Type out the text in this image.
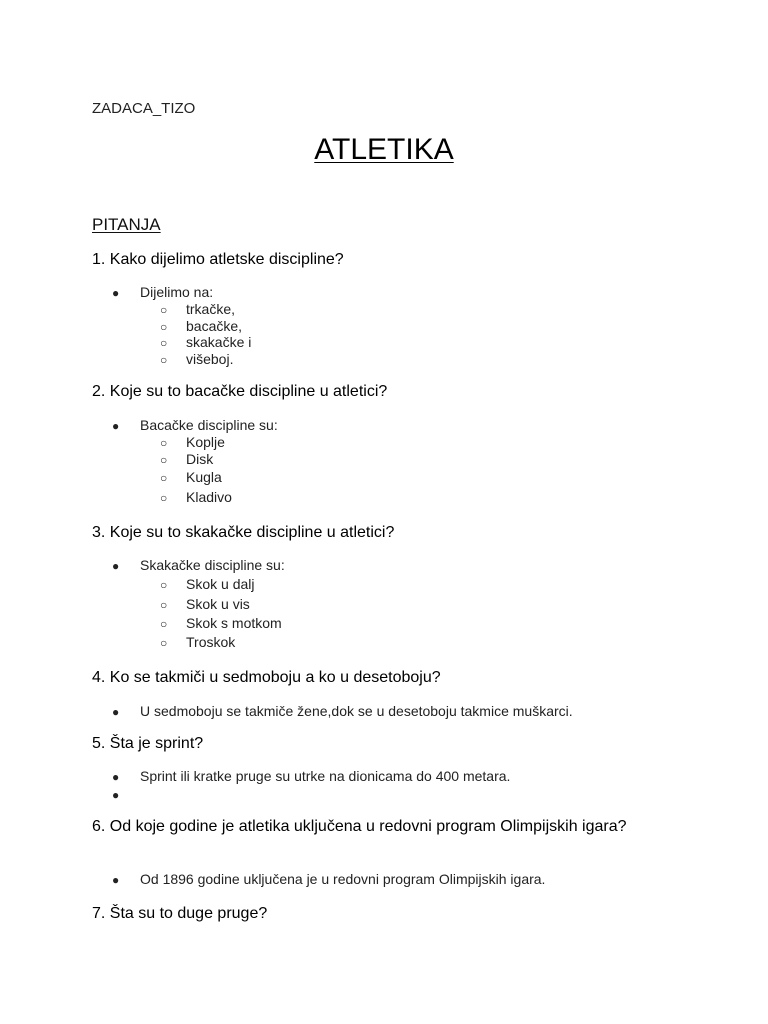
ZADACA_TIZO
ATLETIKA
PITANJA
1. Kako dijelimo atletske discipline?
● Dijelimo na:
○ trkačke,
○ bacačke,
○ skakačke i
○ višeboj.
2. Koje su to bacačke discipline u atletici?
● Bacačke discipline su:
○ Koplje
○ Disk
○ Kugla
○ Kladivo
3. Koje su to skakačke discipline u atletici?
● Skakačke discipline su:
○ Skok u dalj
○ Skok u vis
○ Skok s motkom
○ Troskok
4. Ko se takmiči u sedmoboju a ko u desetoboju?
● U sedmoboju se takmiče žene,dok se u desetoboju takmice muškarci.
5. Šta je sprint?
● Sprint ili kratke pruge su utrke na dionicama do 400 metara.
●
6. Od koje godine je atletika uključena u redovni program Olimpijskih igara?
● Od 1896 godine uključena je u redovni program Olimpijskih igara.
7. Šta su to duge pruge?
